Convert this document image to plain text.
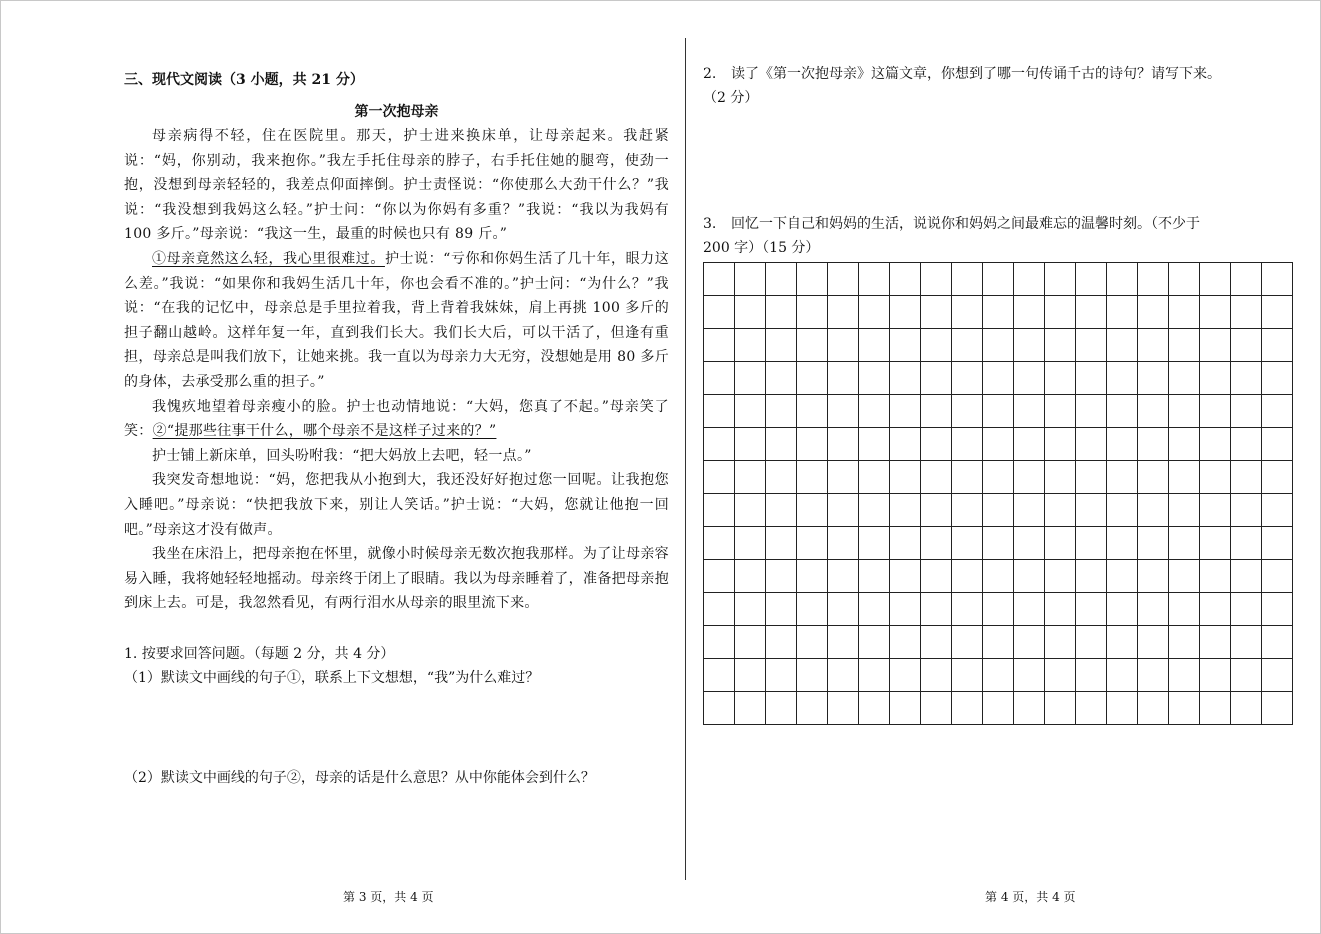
三、现代文阅读（3 小题，共 21 分）

第一次抱母亲

母亲病得不轻，住在医院里。那天，护士进来换床单，让母亲起来。我赶紧说：“妈，你别动，我来抱你。”我左手托住母亲的脖子，右手托住她的腿弯，使劲一抱，没想到母亲轻轻的，我差点仰面摔倒。护士责怪说：“你使那么大劲干什么？”我说：“我没想到我妈这么轻。”护士问：“你以为你妈有多重？”我说：“我以为我妈有 100 多斤。”母亲说：“我这一生，最重的时候也只有 89 斤。”

①母亲竟然这么轻，我心里很难过。护士说：“亏你和你妈生活了几十年，眼力这么差。”我说：“如果你和我妈生活几十年，你也会看不准的。”护士问：“为什么？”我说：“在我的记忆中，母亲总是手里拉着我，背上背着我妹妹，肩上再挑 100 多斤的担子翻山越岭。这样年复一年，直到我们长大。我们长大后，可以干活了，但逢有重担，母亲总是叫我们放下，让她来挑。我一直以为母亲力大无穷，没想她是用 80 多斤的身体，去承受那么重的担子。”

我愧疚地望着母亲瘦小的脸。护士也动情地说：“大妈，您真了不起。”母亲笑了笑：②“提那些往事干什么，哪个母亲不是这样子过来的？”

护士铺上新床单，回头吩咐我：“把大妈放上去吧，轻一点。”

我突发奇想地说：“妈，您把我从小抱到大，我还没好好抱过您一回呢。让我抱您入睡吧。”母亲说：“快把我放下来，别让人笑话。”护士说：“大妈，您就让他抱一回吧。”母亲这才没有做声。

我坐在床沿上，把母亲抱在怀里，就像小时候母亲无数次抱我那样。为了让母亲容易入睡，我将她轻轻地摇动。母亲终于闭上了眼睛。我以为母亲睡着了，准备把母亲抱到床上去。可是，我忽然看见，有两行泪水从母亲的眼里流下来。

1. 按要求回答问题。（每题 2 分，共 4 分）

（1）默读文中画线的句子①，联系上下文想想，“我”为什么难过？

（2）默读文中画线的句子②，母亲的话是什么意思？从中你能体会到什么？

2. 读了《第一次抱母亲》这篇文章，你想到了哪一句传诵千古的诗句？请写下来。

（2 分）

3. 回忆一下自己和妈妈的生活，说说你和妈妈之间最难忘的温馨时刻。（不少于

200 字）（15 分）

第 3 页，共 4 页	第 4 页，共 4 页
